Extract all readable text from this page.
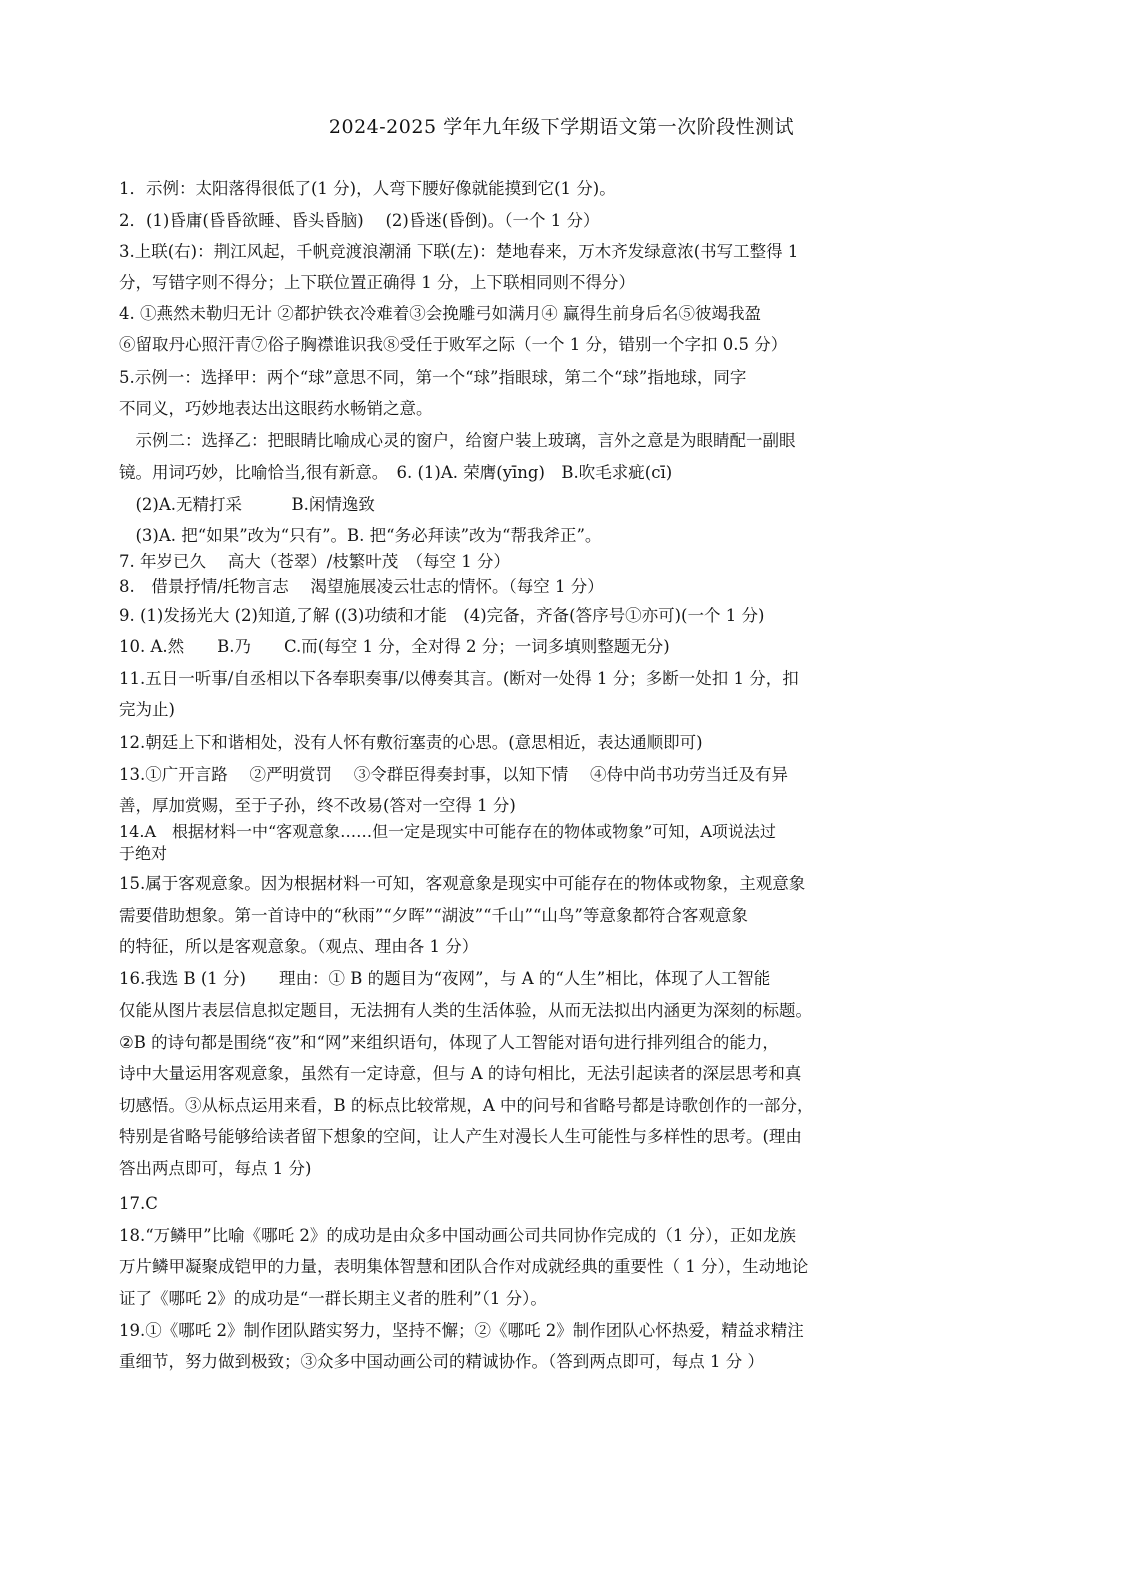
2024-2025 学年九年级下学期语文第一次阶段性测试
1．示例：太阳落得很低了(1 分)，人弯下腰好像就能摸到它(1 分)。
2．(1)昏庸(昏昏欲睡、昏头昏脑)　 (2)昏迷(昏倒)。（一个 1 分）
3.上联(右)：荆江风起，千帆竞渡浪潮涌 下联(左)：楚地春来，万木齐发绿意浓(书写工整得 1
分，写错字则不得分；上下联位置正确得 1 分，上下联相同则不得分）
4. ①燕然未勒归无计 ②都护铁衣冷难着③会挽雕弓如满月④ 赢得生前身后名⑤彼竭我盈
⑥留取丹心照汗青⑦俗子胸襟谁识我⑧受任于败军之际（一个 1 分，错别一个字扣 0.5 分）
5.示例一：选择甲：两个“球”意思不同，第一个“球”指眼球，第二个“球”指地球，同字
不同义，巧妙地表达出这眼药水畅销之意。
　示例二：选择乙：把眼睛比喻成心灵的窗户，给窗户装上玻璃，言外之意是为眼睛配一副眼
镜。用词巧妙，比喻恰当,很有新意。　6. (1)A. 荣膺(yīng)　B.吹毛求疵(cī)
　(2)A.无精打采　　　B.闲情逸致
　(3)A. 把“如果”改为“只有”。B. 把“务必拜读”改为“帮我斧正”。
7. 年岁已久　 高大（苍翠）/枝繁叶茂　（每空 1 分）
8.　借景抒情/托物言志　 渴望施展凌云壮志的情怀。（每空 1 分）
9. (1)发扬光大 (2)知道,了解 ((3)功绩和才能　(4)完备，齐备(答序号①亦可)(一个 1 分)
10. A.然　　B.乃　　C.而(每空 1 分，全对得 2 分；一词多填则整题无分)
11.五日一听事/自丞相以下各奉职奏事/以傅奏其言。(断对一处得 1 分；多断一处扣 1 分，扣
完为止)
12.朝廷上下和谐相处，没有人怀有敷衍塞责的心思。(意思相近，表达通顺即可)
13.①广开言路　 ②严明赏罚　 ③令群臣得奏封事，以知下情　 ④侍中尚书功劳当迁及有异
善，厚加赏赐，至于子孙，终不改易(答对一空得 1 分)
14.A　根据材料一中“客观意象……但一定是现实中可能存在的物体或物象”可知，A项说法过
于绝对
15.属于客观意象。因为根据材料一可知，客观意象是现实中可能存在的物体或物象，主观意象
需要借助想象。第一首诗中的“秋雨”“夕晖”“湖波”“千山”“山鸟”等意象都符合客观意象
的特征，所以是客观意象。（观点、理由各 1 分）
16.我选 B (1 分)　　理由：① B 的题目为“夜网”，与 A 的“人生”相比，体现了人工智能
仅能从图片表层信息拟定题目，无法拥有人类的生活体验，从而无法拟出内涵更为深刻的标题。
②B 的诗句都是围绕“夜”和“网”来组织语句，体现了人工智能对语句进行排列组合的能力，
诗中大量运用客观意象，虽然有一定诗意，但与 A 的诗句相比，无法引起读者的深层思考和真
切感悟。③从标点运用来看，B 的标点比较常规，A 中的问号和省略号都是诗歌创作的一部分，
特别是省略号能够给读者留下想象的空间，让人产生对漫长人生可能性与多样性的思考。(理由
答出两点即可，每点 1 分)
17.C
18.“万鳞甲”比喻《哪吒 2》的成功是由众多中国动画公司共同协作完成的（1 分），正如龙族
万片鳞甲凝聚成铠甲的力量，表明集体智慧和团队合作对成就经典的重要性（ 1 分），生动地论
证了《哪吒 2》的成功是“一群长期主义者的胜利”（1 分）。
19.①《哪吒 2》制作团队踏实努力，坚持不懈；②《哪吒 2》制作团队心怀热爱，精益求精注
重细节，努力做到极致；③众多中国动画公司的精诚协作。（答到两点即可，每点 1 分 ）
